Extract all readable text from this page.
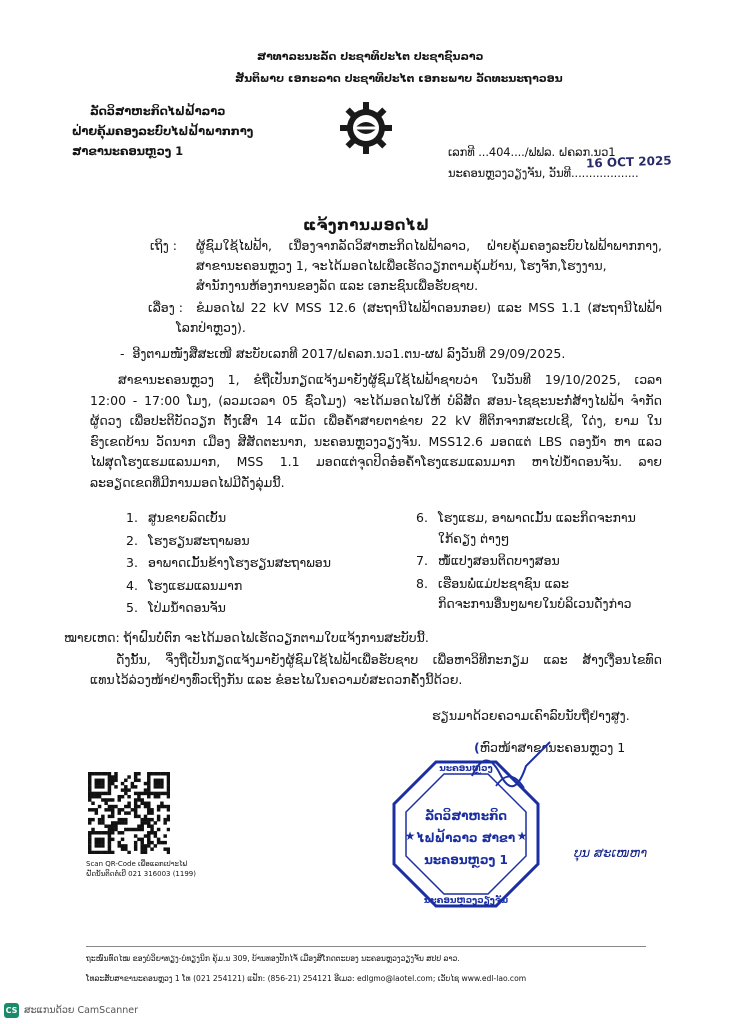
ສາທາລະນະລັດ ປະຊາທິປະໄຕ ປະຊາຊົນລາວ
ສັນຕິພາບ ເອກະລາດ ປະຊາທິປະໄຕ ເອກະພາບ ວັດທະນະຖາວອນ
ລັດວິສາຫະກິດໄຟຟ້າລາວ
ຝ່າຍຄຸ້ມຄອງລະບົບໄຟຟ້າພາກກາງ
ສາຂານະຄອນຫຼວງ 1	ເລກທີ ...404..../ຟຟລ. ຝຄລກ.ນວ1
16 OCT 2025
ນະຄອນຫຼວງວຽງຈັນ, ວັນທີ...................
ແຈ້ງການມອດໄຟ
ເຖິງ : ຜູ້ຊົມໃຊ້ໄຟຟ້າ, ເນື່ອງຈາກລັດວິສາຫະກິດໄຟຟ້າລາວ, ຝ່າຍຄຸ້ມຄອງລະບົບໄຟຟ້າພາກກາງ,
ສາຂານະຄອນຫຼວງ 1, ຈະໄດ້ມອດໄຟເພື່ອເຮັດວຽກຕາມຄຸ້ມບ້ານ, ໂຮງຈັກ,ໂຮງງານ,
ສໍານັກງານຫ້ອງການຂອງລັດ ແລະ ເອກະຊົນເພື່ອຮັບຊາບ.
ເລື່ອງ : ຂໍມອດໄຟ 22 kV MSS 12.6 (ສະຖານີໄຟຟ້າດອນກອຍ) ແລະ MSS 1.1 (ສະຖານີໄຟຟ້າ
ໂລກປ່າຫຼວງ).
-  ອີງຕາມໜັງສືສະເໜີ ສະບັບເລກທີ 2017/ຝຄລກ.ນວ1.ຕນ-ຜຟ ລົງວັນທີ 29/09/2025.
ສາຂານະຄອນຫຼວງ 1, ຂໍຖືເປັນກຽດແຈ້ງມາຍັງຜູ້ຊົມໃຊ້ໄຟຟ້າຊາບວ່າ ໃນວັນທີ 19/10/2025, ເວລາ
12:00 - 17:00 ໂມງ, (ລວມເວລາ 05 ຊົ່ວໂມງ) ຈະໄດ້ມອດໄຟໃຫ້ ບໍລິສັດ ສອນ-ໄຊຊະນະກໍ່ສ້າງໄຟຟ້າ ຈໍາກັດ
ຜູ້ດວງ ເພື່ອປະຕິບັດວຽກ ຕັ້ງເສົາ 14 ແມັດ ເພື່ອຄໍ້າສາຍຕາຂ່າຍ 22 kV ທີ່ຕິກຈາກສະເປເຊີ, ໃດ່ງ, ຍາມ ໃນ
ຮົງເຂດບ້ານ ວັດນາກ ເມືອງ ສີສັດຕະນາກ, ນະຄອນຫຼວງວຽງຈັນ. MSS12.6 ມອດແຕ່ LBS ດອງນໍ້າ ຫາ ແລວ
ໄຟສຸດໂຮງແຮມແລນມາກ, MSS 1.1 ມອດແຕ່ຈຸດປິດອ໋ອຄໍ້າໂຮງແຮມແລນມາກ ຫາໄປ່ນໍ້າດອນຈັນ. ລາຍ
ລະອຽດເຂດທີ່ມີການມອດໄຟມີດັ່ງລຸ່ມນີ້.
1. ສູນຂາຍລົດເບັ້ນ
2. ໂຮງຮຽນສະຖາພອນ
3. ອາພາດເມັ້ນຂ້າງໂຮງຮຽນສະຖາພອນ
4. ໂຮງແຮມແລນມາກ
5. ໂປ່ມນໍ້າດອນຈັນ
6. ໂຮງແຮມ, ອາພາດເມັ້ນ ແລະກິດຈະການ
ໃກ້ຄຽງ ຕ່າງໆ
7. ໜໍ້ແປງສອນຕິດບາງສອນ
8. ເຮືອນພໍ່ແມ່ປະຊາຊົນ ແລະ
ກິດຈະການອື່ນໆພາຍໃນບໍລິເວນດັ່ງກ່າວ
ໝາຍເຫດ: ຖ້າຝົນບໍ່ຕົກ ຈະໄດ້ມອດໄຟເຮັດວຽກຕາມໃບແຈ້ງການສະບັບນີ້.
ດັ່ງນັ້ນ, ຈຶ່ງຖືເປັນກຽດແຈ້ງມາຍັງຜູ້ຊົມໃຊ້ໄຟຟ້າເພື່ອຮັບຊາບ ເພື່ອຫາວິທີກະກຽມ ແລະ ສ້າງເງື່ອນໄຂທົດ
ແທນໄວ້ລ່ວງໜ້າຢ່າງທົ່ວເຖິງກັນ ແລະ ຂໍອະໄພໃນຄວາມບໍ່ສະດວກຄັ້ງນີ້ດ້ວຍ.
ຮຽນມາດ້ວຍຄວາມເຄົາລົບນັບຖືຢ່າງສູງ.
(ຫົວໜ້າສາຂານະຄອນຫຼວງ 1
Scan QR-Code ເພື່ອແລກເປາະໄຟ
ຝັດນັ້ນຕິດຕໍ່ເບີ 021 316003 (1199)
ນະຄອນຫຼວງ
ລັດວິສາຫະກິດ
ໄຟຟ້າລາວ ສາຂາ
ນະຄອນຫຼວງ 1
ນະຄອນຫຼວງວຽງຈັນ
★	★
ບຸນ ສະເໜຫາ
ຖະໜົນທົດໄໝ ຂອງບໍວິຍາທຽງ-ບໍທຽງນິກ ຄຸ້ມ.ນ 309, ບ້ານທອງປັກໄຈໍ້ ເມືອງສີໂກດຕະບອງ ນະຄອນຫຼວງວຽງຈັນ ສປປ ລາວ.
ໂທລະສັບສາຂານະຄອນຫຼວງ 1 ໂທ (021 254121) ແຟັກ: (856-21) 254121 ອີເມວ: edlgmo@laotel.com; ເວັບໄຊ www.edl-lao.com
CS ສະແກນດ້ວຍ CamScanner
